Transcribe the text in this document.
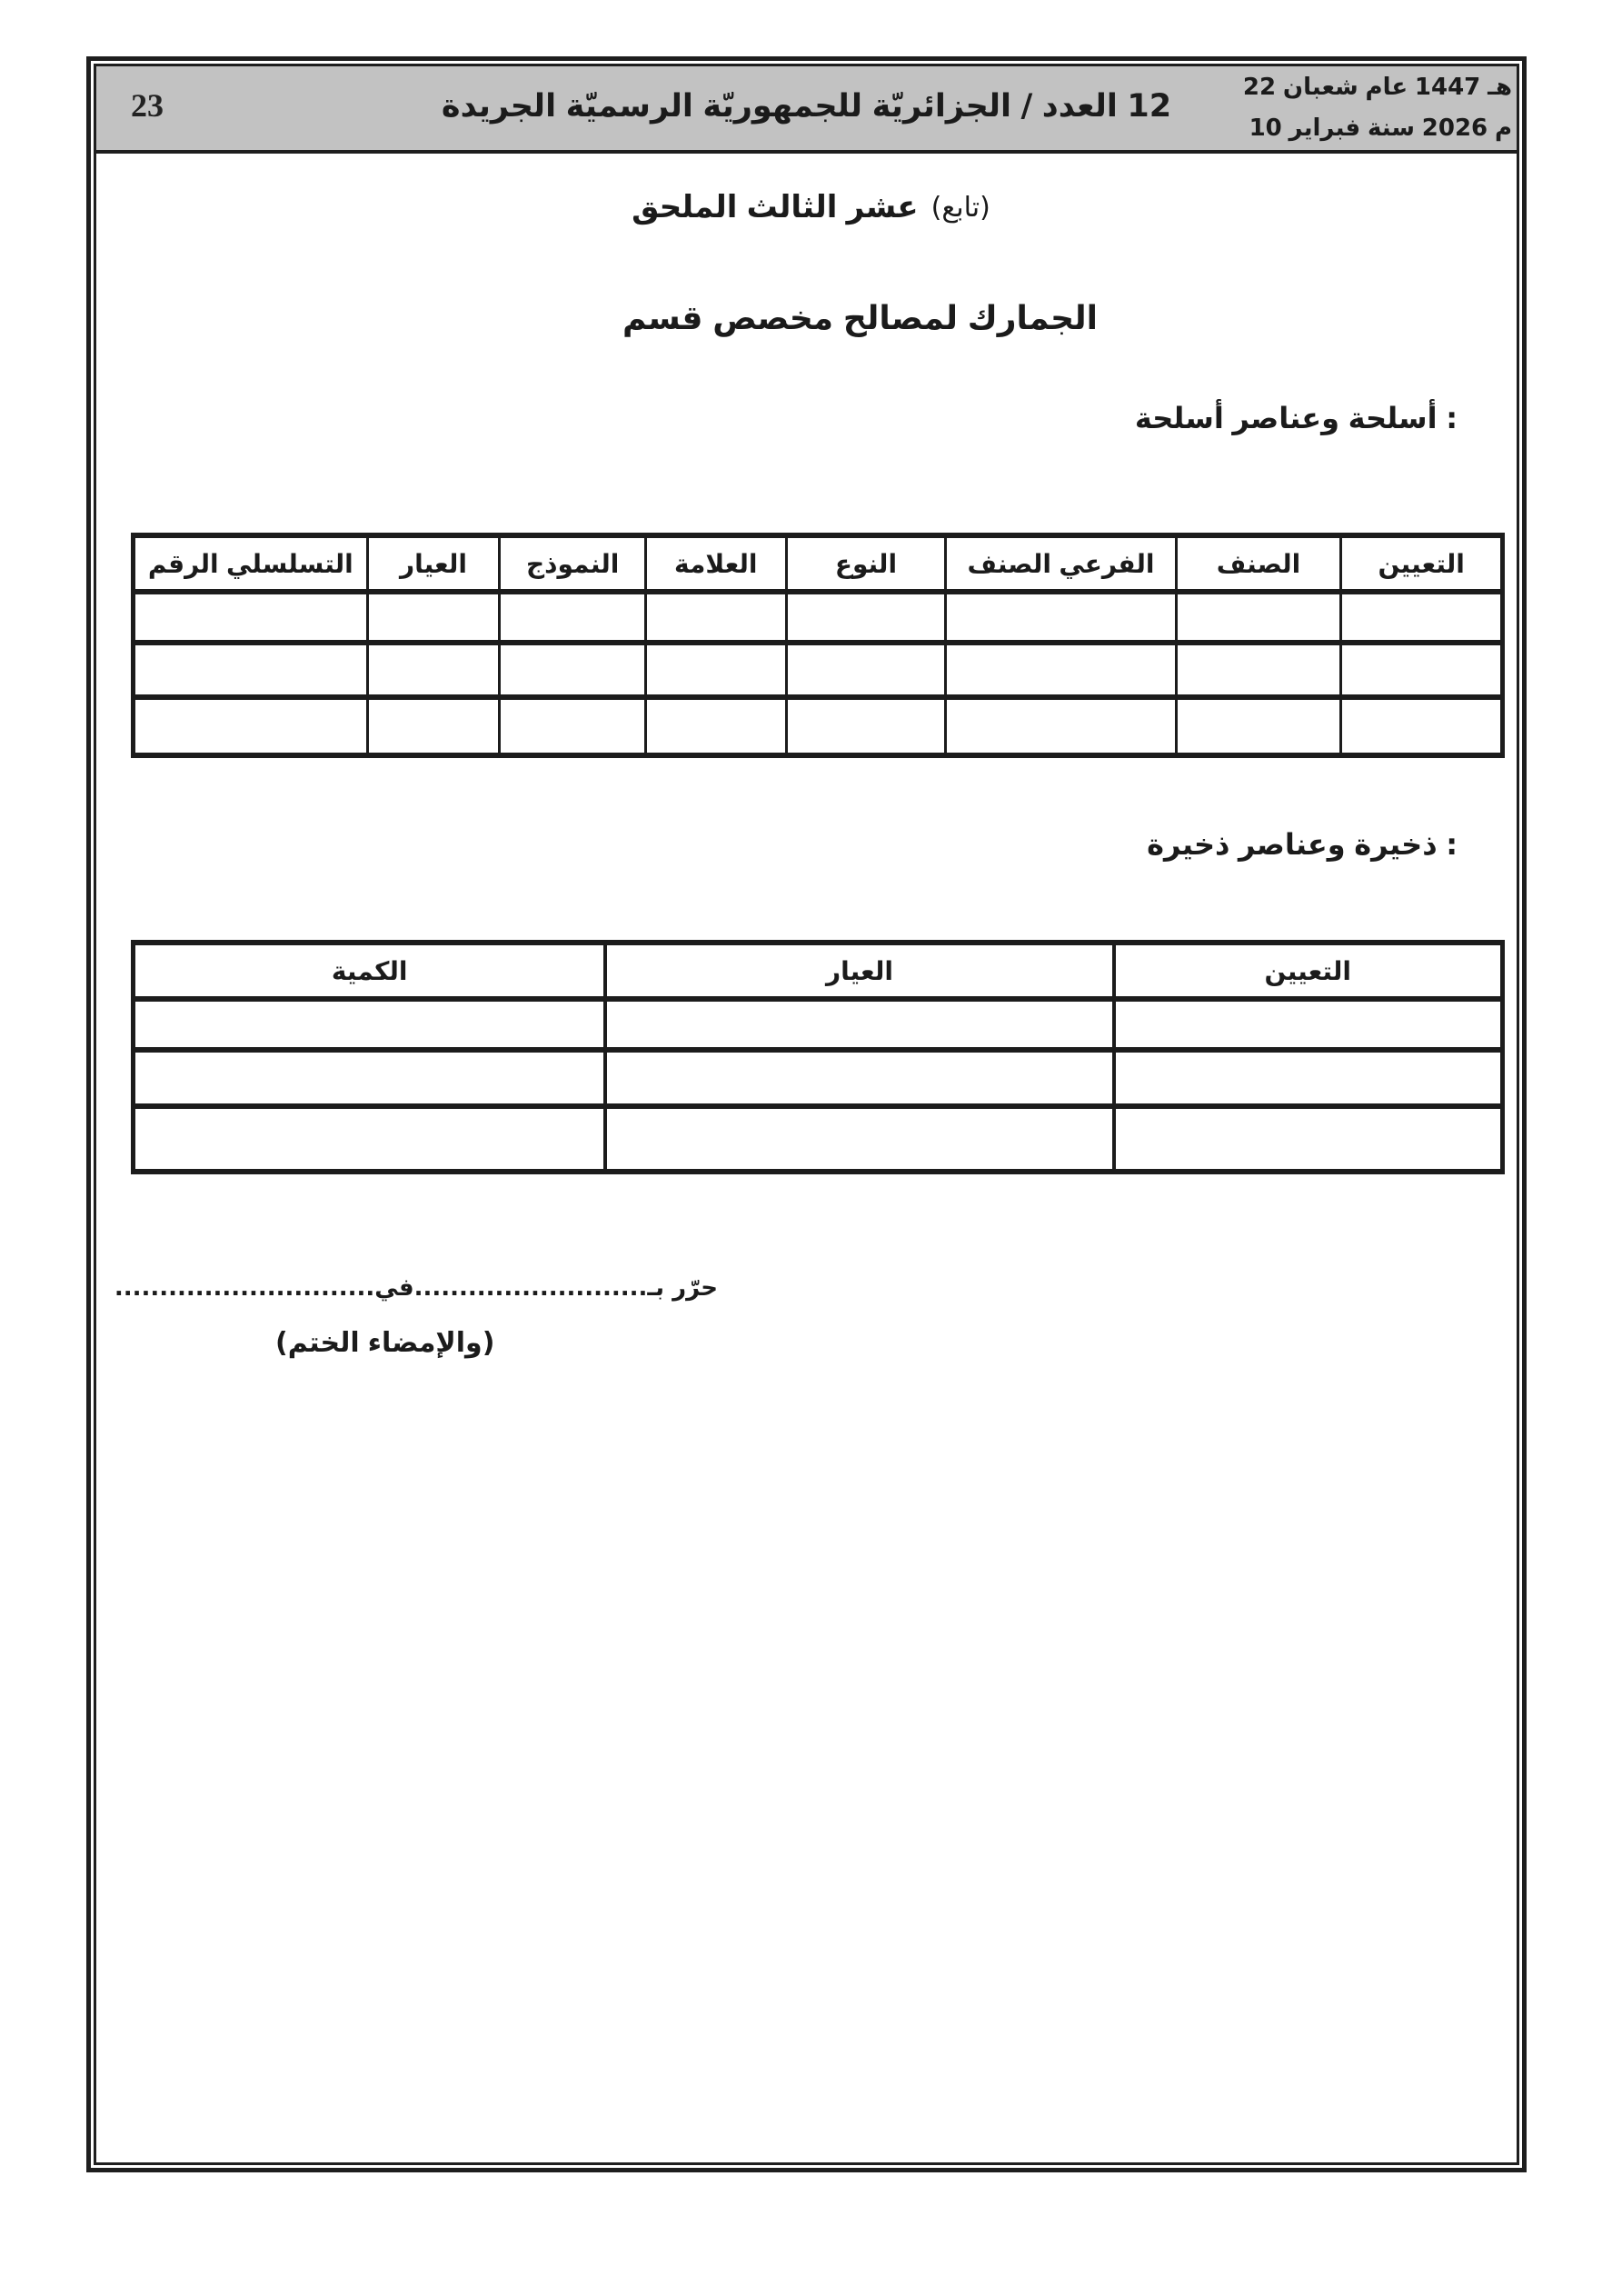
23	الجريدة الرسميّة للجمهوريّة الجزائريّة / العدد 12
22 شعبان عام 1447 هـ
10 فبراير سنة 2026 م
الملحق الثالث عشر (تابع)
قسم مخصص لمصالح الجمارك
أسلحة وعناصر أسلحة :
التعيين	الصنف	الصنف الفرعي	النوع	العلامة	النموذج	العيار	الرقم التسلسلي

ذخيرة وعناصر ذخيرة :
التعيين	العيار	الكمية

حرّر بـ..........................في.............................
(الختم والإمضاء)
